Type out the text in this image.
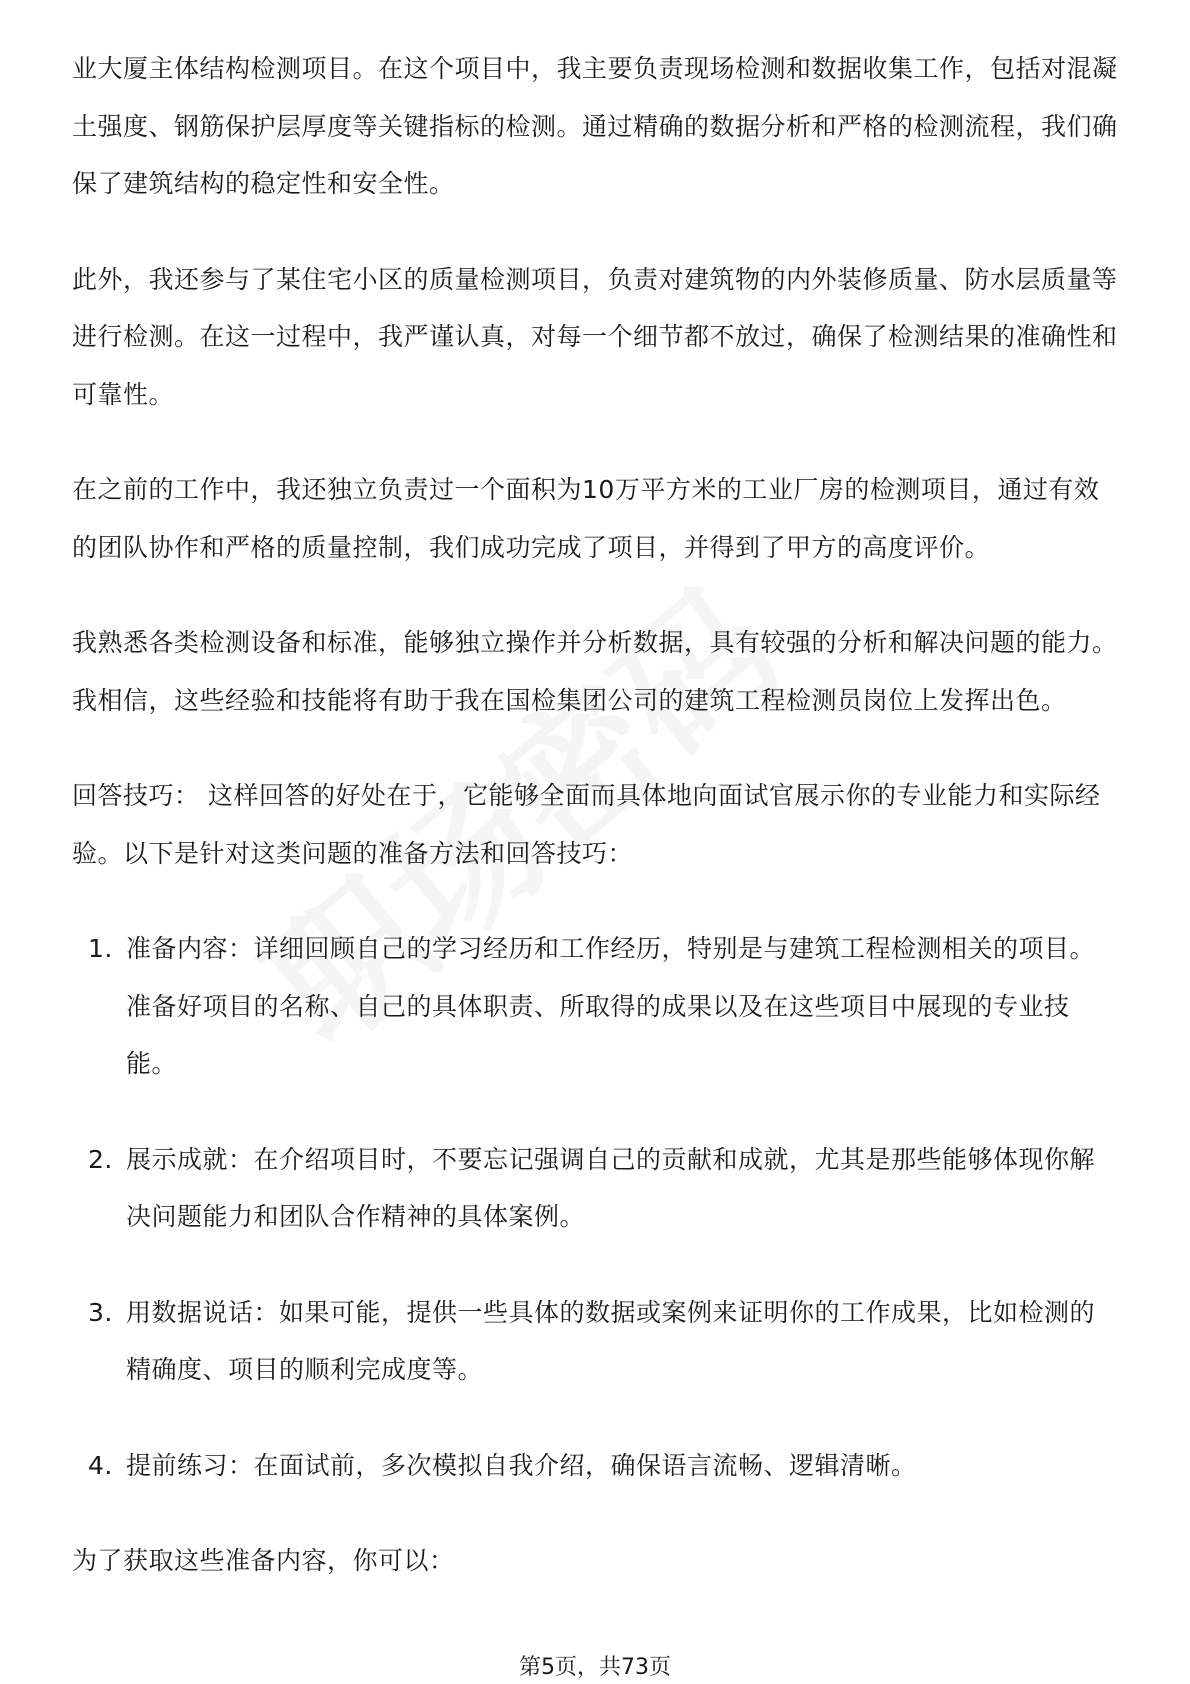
业大厦主体结构检测项目。在这个项目中，我主要负责现场检测和数据收集工作，包括对混凝土强度、钢筋保护层厚度等关键指标的检测。通过精确的数据分析和严格的检测流程，我们确保了建筑结构的稳定性和安全性。

此外，我还参与了某住宅小区的质量检测项目，负责对建筑物的内外装修质量、防水层质量等进行检测。在这一过程中，我严谨认真，对每一个细节都不放过，确保了检测结果的准确性和可靠性。

在之前的工作中，我还独立负责过一个面积为10万平方米的工业厂房的检测项目，通过有效的团队协作和严格的质量控制，我们成功完成了项目，并得到了甲方的高度评价。

我熟悉各类检测设备和标准，能够独立操作并分析数据，具有较强的分析和解决问题的能力。我相信，这些经验和技能将有助于我在国检集团公司的建筑工程检测员岗位上发挥出色。

回答技巧： 这样回答的好处在于，它能够全面而具体地向面试官展示你的专业能力和实际经验。以下是针对这类问题的准备方法和回答技巧：

1. 准备内容：详细回顾自己的学习经历和工作经历，特别是与建筑工程检测相关的项目。准备好项目的名称、自己的具体职责、所取得的成果以及在这些项目中展现的专业技能。
2. 展示成就：在介绍项目时，不要忘记强调自己的贡献和成就，尤其是那些能够体现你解决问题能力和团队合作精神的具体案例。
3. 用数据说话：如果可能，提供一些具体的数据或案例来证明你的工作成果，比如检测的精确度、项目的顺利完成度等。
4. 提前练习：在面试前，多次模拟自我介绍，确保语言流畅、逻辑清晰。

为了获取这些准备内容，你可以：

第5页，共73页
